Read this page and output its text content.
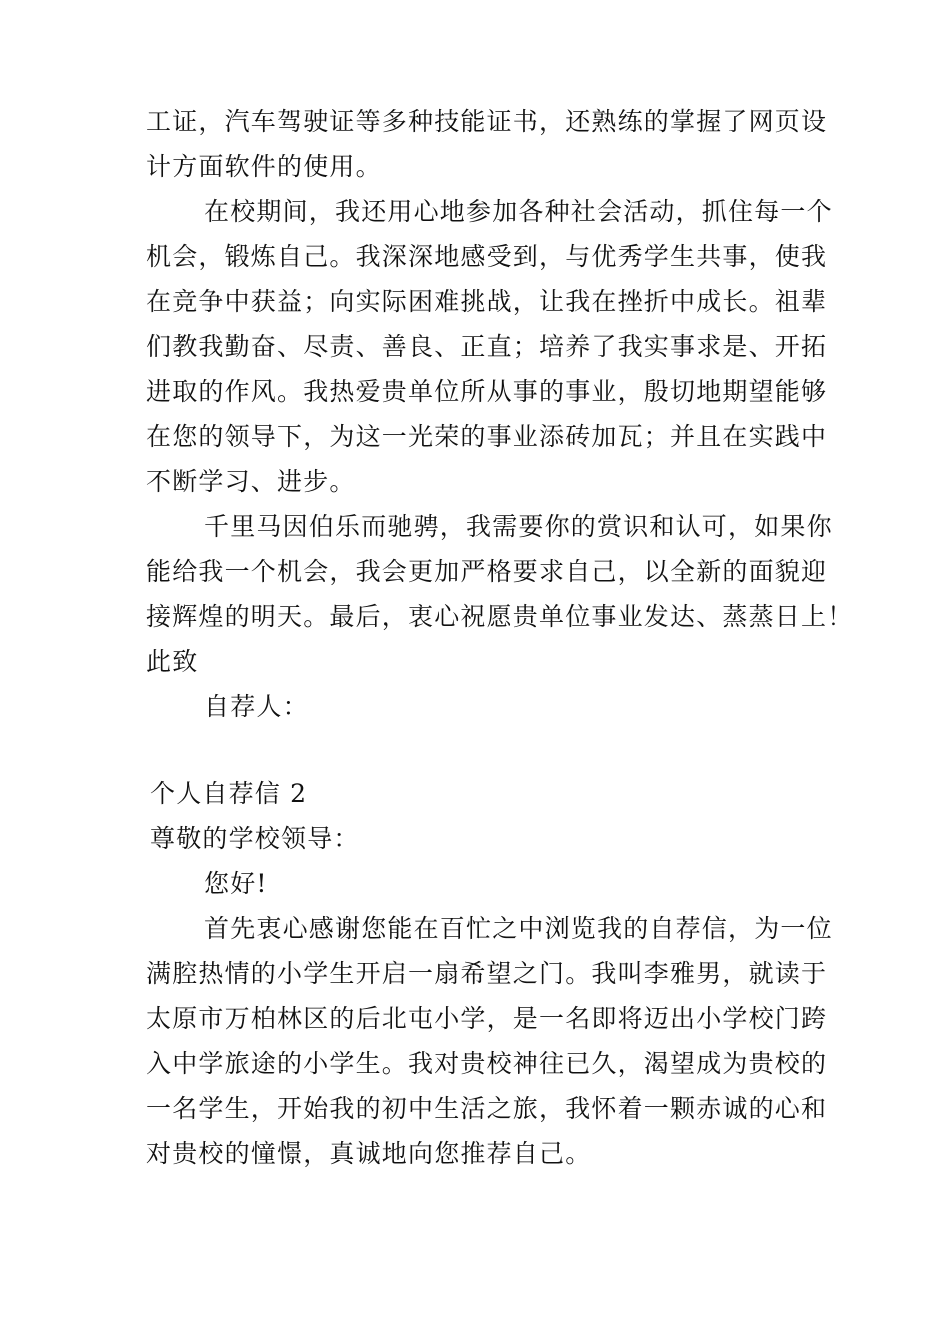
工证，汽车驾驶证等多种技能证书，还熟练的掌握了网页设
计方面软件的使用。
在校期间，我还用心地参加各种社会活动，抓住每一个
机会，锻炼自己。我深深地感受到，与优秀学生共事，使我
在竞争中获益；向实际困难挑战，让我在挫折中成长。祖辈
们教我勤奋、尽责、善良、正直；培养了我实事求是、开拓
进取的作风。我热爱贵单位所从事的事业，殷切地期望能够
在您的领导下，为这一光荣的事业添砖加瓦；并且在实践中
不断学习、进步。
千里马因伯乐而驰骋，我需要你的赏识和认可，如果你
能给我一个机会，我会更加严格要求自己，以全新的面貌迎
接辉煌的明天。最后，衷心祝愿贵单位事业发达、蒸蒸日上！
此致
自荐人：
个人自荐信 2
尊敬的学校领导：
您好!
首先衷心感谢您能在百忙之中浏览我的自荐信，为一位
满腔热情的小学生开启一扇希望之门。我叫李雅男，就读于
太原市万柏林区的后北屯小学，是一名即将迈出小学校门跨
入中学旅途的小学生。我对贵校神往已久，渴望成为贵校的
一名学生，开始我的初中生活之旅，我怀着一颗赤诚的心和
对贵校的憧憬，真诚地向您推荐自己。
